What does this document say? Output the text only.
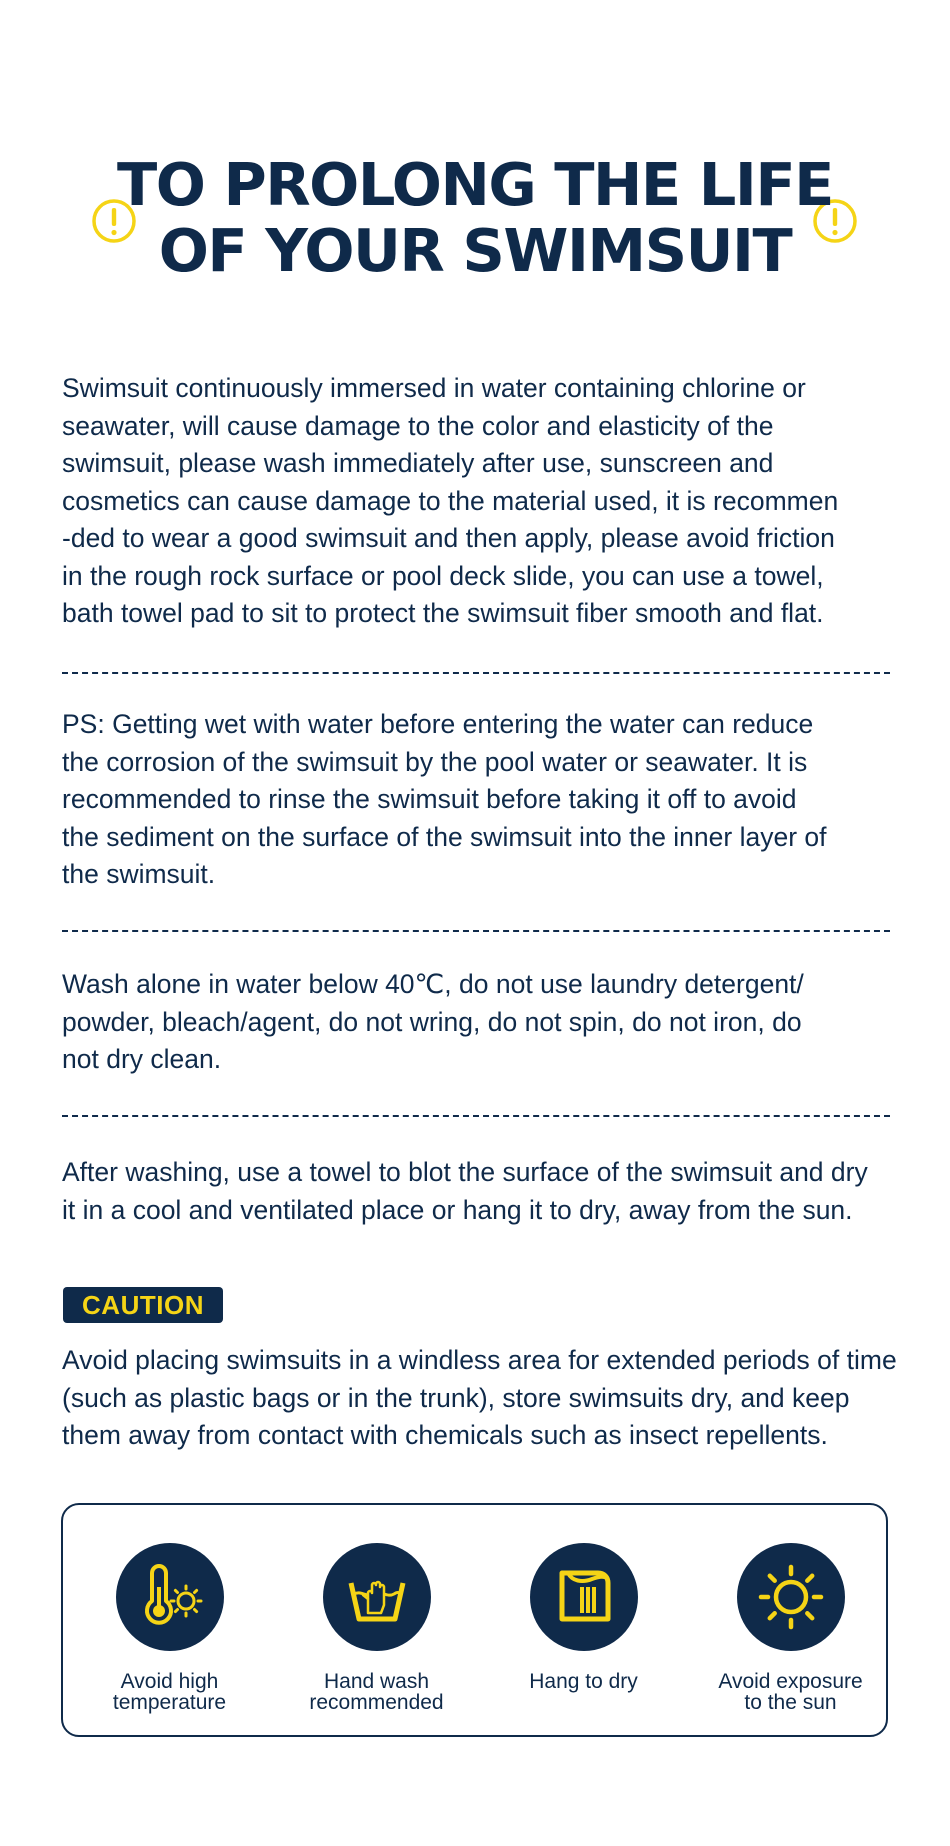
TO PROLONG THE LIFE
OF YOUR SWIMSUIT

Swimsuit continuously immersed in water containing chlorine or
seawater, will cause damage to the color and elasticity of the
swimsuit, please wash immediately after use, sunscreen and
cosmetics can cause damage to the material used, it is recommen
-ded to wear a good swimsuit and then apply, please avoid friction
in the rough rock surface or pool deck slide, you can use a towel,
bath towel pad to sit to protect the swimsuit fiber smooth and flat.

PS: Getting wet with water before entering the water can reduce
the corrosion of the swimsuit by the pool water or seawater. It is
recommended to rinse the swimsuit before taking it off to avoid
the sediment on the surface of the swimsuit into the inner layer of
the swimsuit.

Wash alone in water below 40℃, do not use laundry detergent/
powder, bleach/agent, do not wring, do not spin, do not iron, do
not dry clean.

After washing, use a towel to blot the surface of the swimsuit and dry
it in a cool and ventilated place or hang it to dry, away from the sun.

CAUTION

Avoid placing swimsuits in a windless area for extended periods of time
(such as plastic bags or in the trunk), store swimsuits dry, and keep
them away from contact with chemicals such as insect repellents.

Avoid high
temperature
Hand wash
recommended
Hang to dry	Avoid exposure
to the sun
